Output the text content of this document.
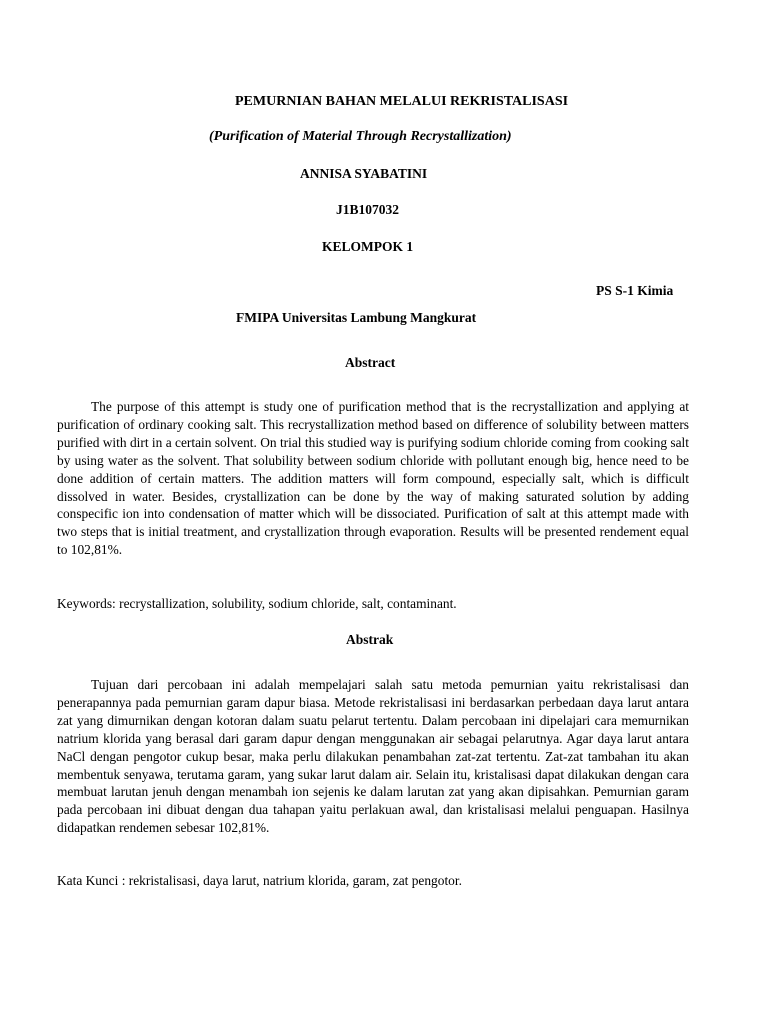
PEMURNIAN BAHAN MELALUI REKRISTALISASI
(Purification of Material Through Recrystallization)
ANNISA SYABATINI
J1B107032
KELOMPOK 1
PS S-1 Kimia
FMIPA Universitas Lambung Mangkurat
Abstract

The purpose of this attempt is study one of purification method that is the recrystallization and applying at purification of ordinary cooking salt. This recrystallization method based on difference of solubility between matters purified with dirt in a certain solvent. On trial this studied way is purifying sodium chloride coming from cooking salt by using water as the solvent. That solubility between sodium chloride with pollutant enough big, hence need to be done addition of certain matters. The addition matters will form compound, especially salt, which is difficult dissolved in water. Besides, crystallization can be done by the way of making saturated solution by adding conspecific ion into condensation of matter which will be dissociated. Purification of salt at this attempt made with two steps that is initial treatment, and crystallization through evaporation. Results will be presented rendement equal to 102,81%.

Keywords: recrystallization, solubility, sodium chloride, salt, contaminant.

Abstrak

Tujuan dari percobaan ini adalah mempelajari salah satu metoda pemurnian yaitu rekristalisasi dan penerapannya pada pemurnian garam dapur biasa. Metode rekristalisasi ini berdasarkan perbedaan daya larut antara zat yang dimurnikan dengan kotoran dalam suatu pelarut tertentu. Dalam percobaan ini dipelajari cara memurnikan natrium klorida yang berasal dari garam dapur dengan menggunakan air sebagai pelarutnya. Agar daya larut antara NaCl dengan pengotor cukup besar, maka perlu dilakukan penambahan zat-zat tertentu. Zat-zat tambahan itu akan membentuk senyawa, terutama garam, yang sukar larut dalam air. Selain itu, kristalisasi dapat dilakukan dengan cara membuat larutan jenuh dengan menambah ion sejenis ke dalam larutan zat yang akan dipisahkan. Pemurnian garam pada percobaan ini dibuat dengan dua tahapan yaitu perlakuan awal, dan kristalisasi melalui penguapan. Hasilnya didapatkan rendemen sebesar 102,81%.

Kata Kunci : rekristalisasi, daya larut, natrium klorida, garam, zat pengotor.
